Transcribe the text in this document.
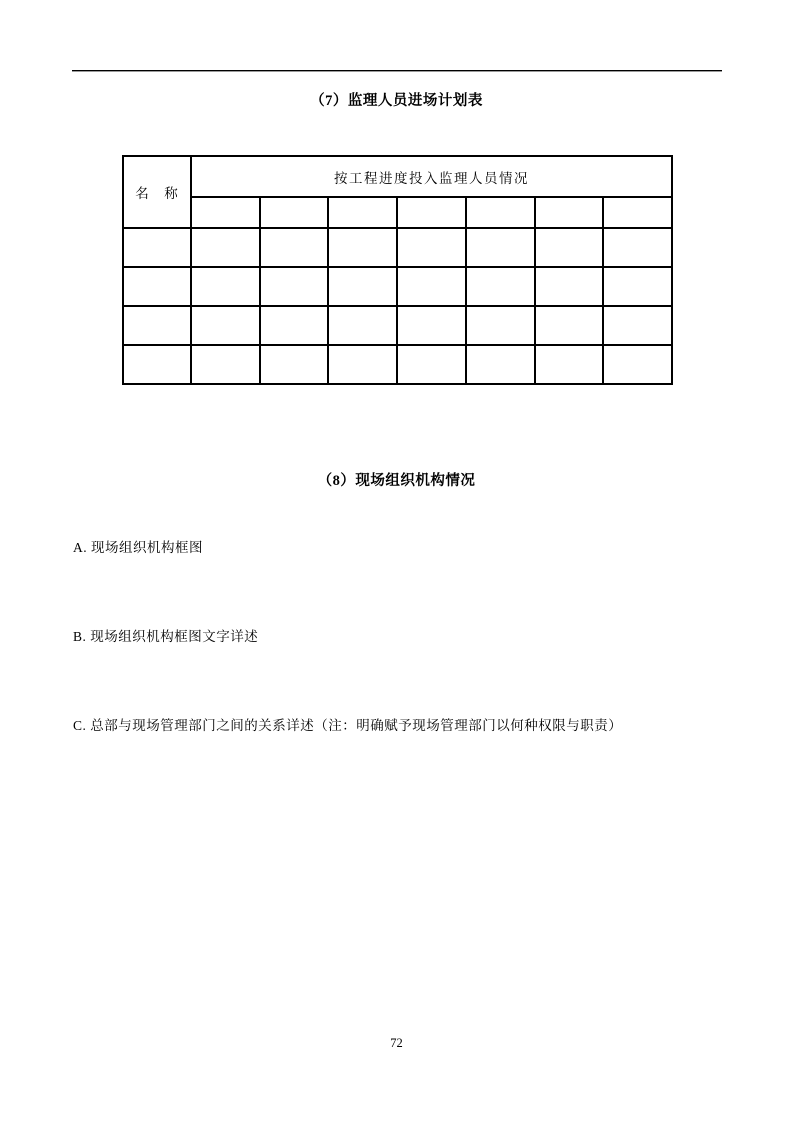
（7）监理人员进场计划表
名　称	按工程进度投入监理人员情况						

（8）现场组织机构情况
A. 现场组织机构框图
B. 现场组织机构框图文字详述
C. 总部与现场管理部门之间的关系详述（注：明确赋予现场管理部门以何种权限与职责）
72
